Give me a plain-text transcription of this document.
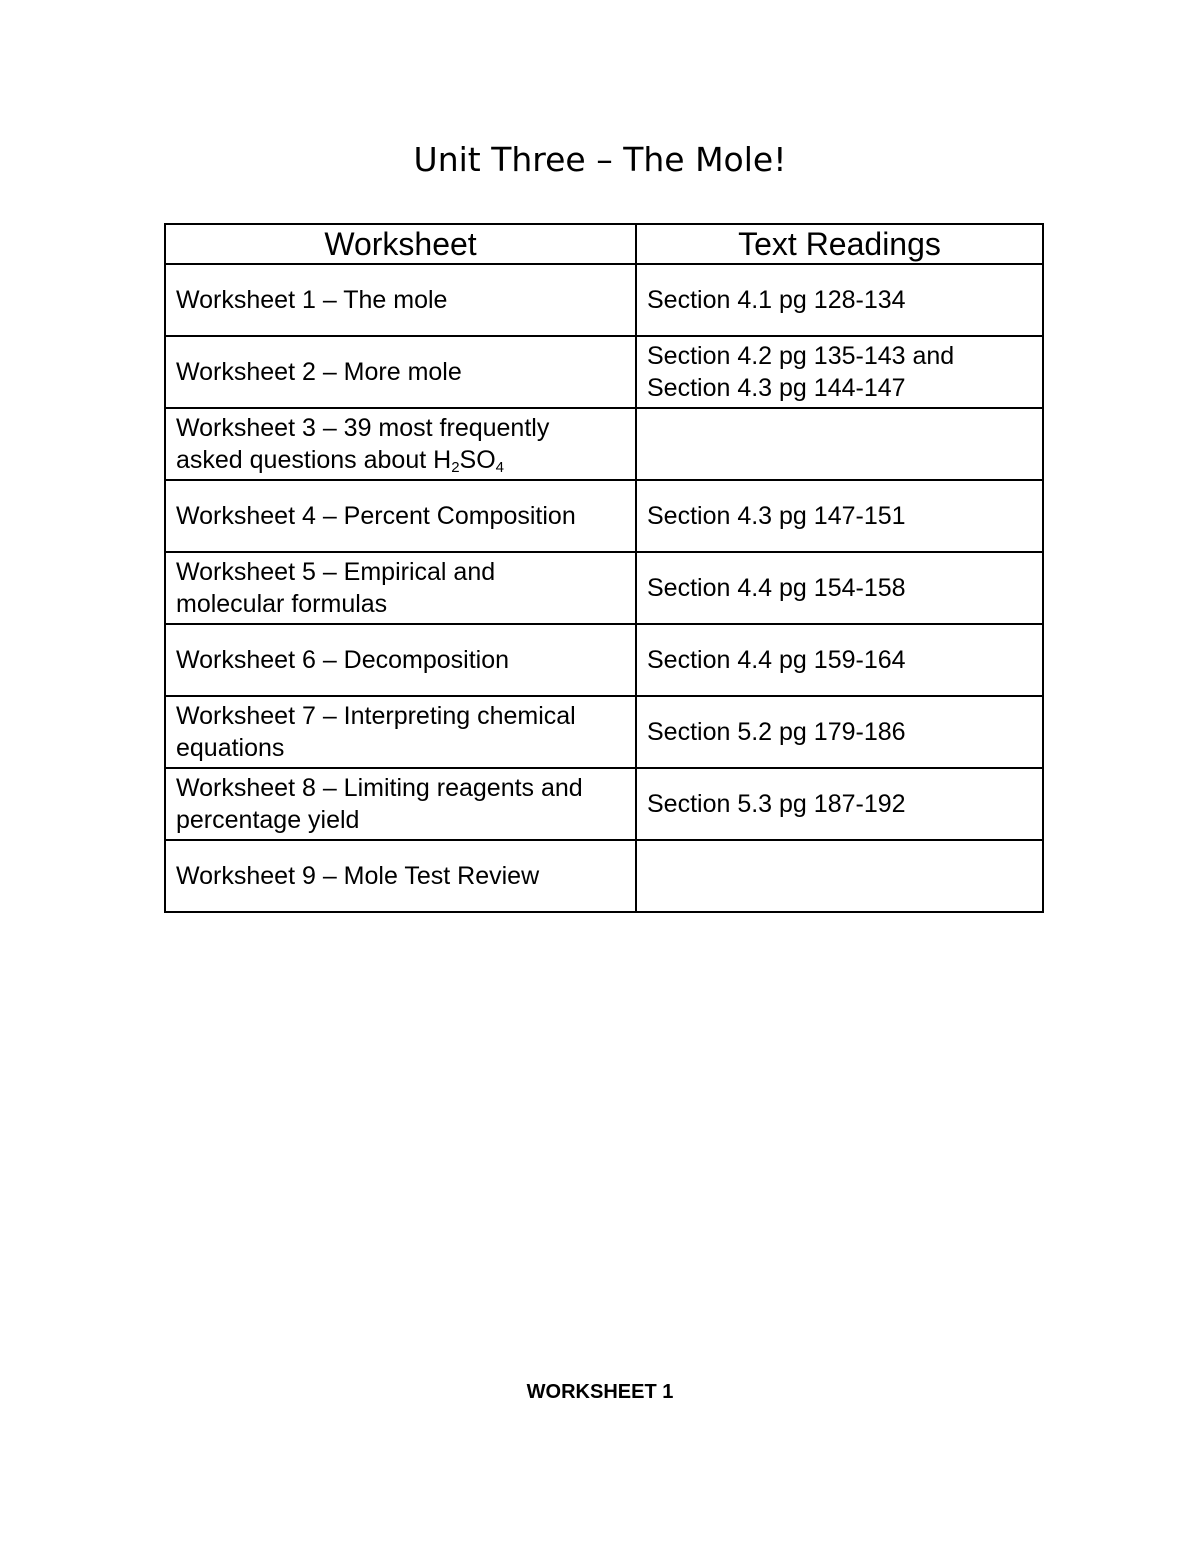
Unit Three – The Mole!
Worksheet	Text Readings
Worksheet 1 – The mole	Section 4.1 pg 128-134
Worksheet 2 – More mole	Section 4.2 pg 135-143 and
Section 4.3 pg 144-147

Worksheet 3 – 39 most frequently
asked questions about $H_2SO_4$

Worksheet 4 – Percent Composition	Section 4.3 pg 147-151

Worksheet 5 – Empirical and
molecular formulas	Section 4.4 pg 154-158
Worksheet 6 – Decomposition	Section 4.4 pg 159-164

Worksheet 7 – Interpreting chemical
equations	Section 5.2 pg 179-186

Worksheet 8 – Limiting reagents and
percentage yield	Section 5.3 pg 187-192
Worksheet 9 – Mole Test Review	
WORKSHEET 1
